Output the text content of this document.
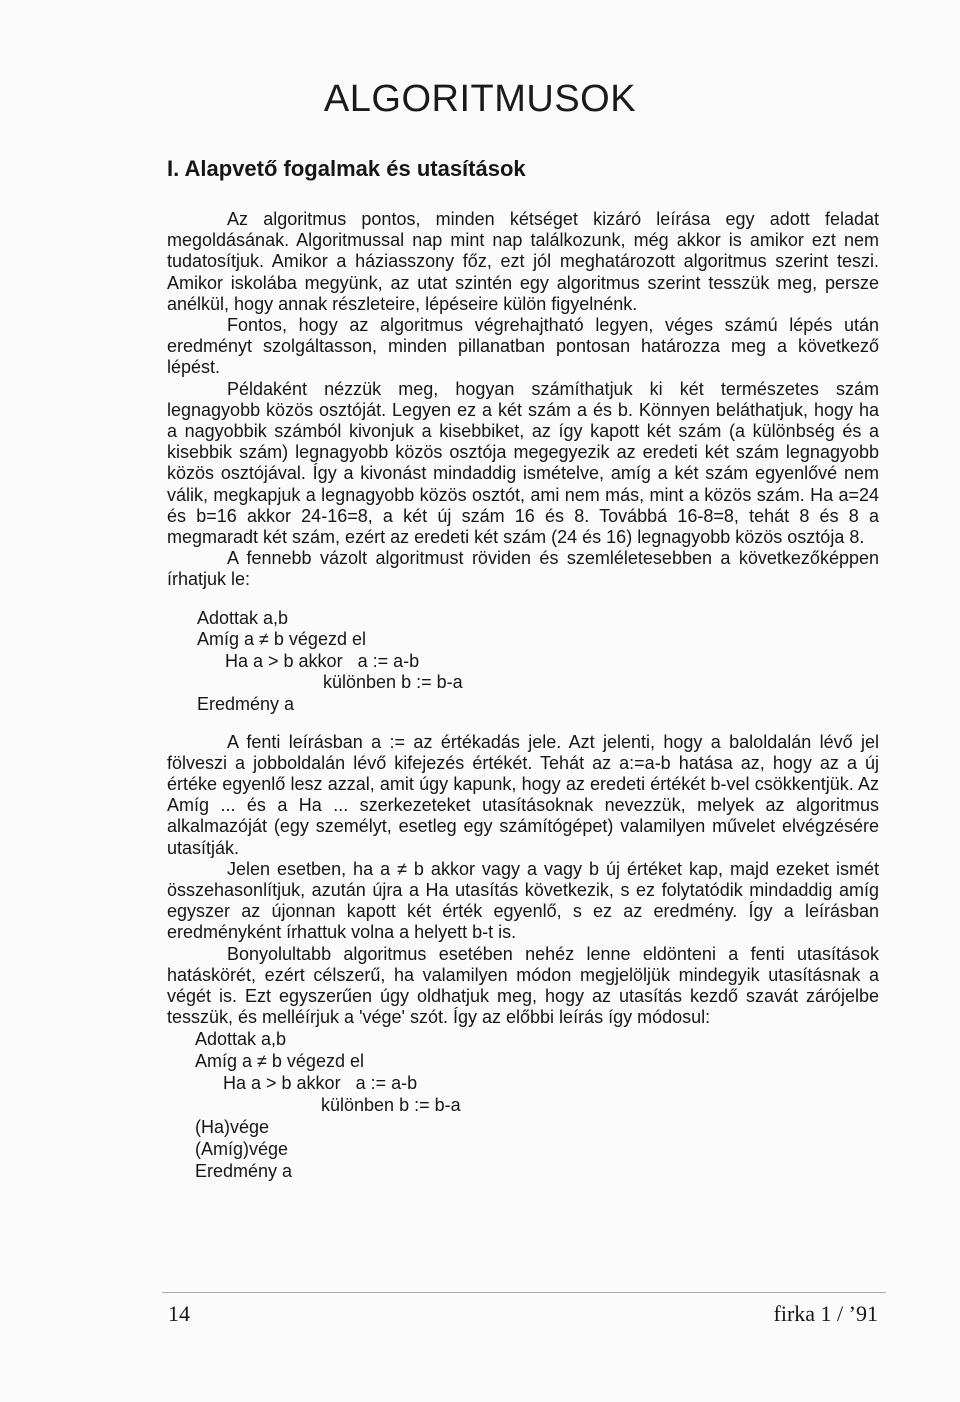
ALGORITMUSOK
I. Alapvető fogalmak és utasítások

Az algoritmus pontos, minden kétséget kizáró leírása egy adott feladat megoldásának. Algoritmussal nap mint nap találkozunk, még akkor is amikor ezt nem tudatosítjuk. Amikor a háziasszony főz, ezt jól meghatározott algoritmus szerint teszi. Amikor iskolába megyünk, az utat szintén egy algoritmus szerint tesszük meg, persze anélkül, hogy annak részleteire, lépéseire külön figyelnénk.

Fontos, hogy az algoritmus végrehajtható legyen, véges számú lépés után eredményt szolgáltasson, minden pillanatban pontosan határozza meg a következő lépést.

Példaként nézzük meg, hogyan számíthatjuk ki két természetes szám legnagyobb közös osztóját. Legyen ez a két szám a és b. Könnyen beláthatjuk, hogy ha a nagyobbik számból kivonjuk a kisebbiket, az így kapott két szám (a különbség és a kisebbik szám) legnagyobb közös osztója megegyezik az eredeti két szám legnagyobb közös osztójával. Így a kivonást mindaddig ismételve, amíg a két szám egyenlővé nem válik, megkapjuk a legnagyobb közös osztót, ami nem más, mint a közös szám. Ha a=24 és b=16 akkor 24-16=8, a két új szám 16 és 8. Továbbá 16-8=8, tehát 8 és 8 a megmaradt két szám, ezért az eredeti két szám (24 és 16) legnagyobb közös osztója 8.

A fennebb vázolt algoritmust röviden és szemléletesebben a következőképpen írhatjuk le:

Adottak a,b
Amíg a ≠ b végezd el
Ha a > b akkor   a := a-b
különben b := b-a
Eredmény a

A fenti leírásban a := az értékadás jele. Azt jelenti, hogy a baloldalán lévő jel fölveszi a jobboldalán lévő kifejezés értékét. Tehát az a:=a-b hatása az, hogy az a új értéke egyenlő lesz azzal, amit úgy kapunk, hogy az eredeti értékét b-vel csökkentjük. Az Amíg ... és a Ha ... szerkezeteket utasításoknak nevezzük, melyek az algoritmus alkalmazóját (egy személyt, esetleg egy számítógépet) valamilyen művelet elvégzésére utasítják.

Jelen esetben, ha a ≠ b akkor vagy a vagy b új értéket kap, majd ezeket ismét összehasonlítjuk, azután újra a Ha utasítás következik, s ez folytatódik mindaddig amíg egyszer az újonnan kapott két érték egyenlő, s ez az eredmény. Így a leírásban eredményként írhattuk volna a helyett b-t is.

Bonyolultabb algoritmus esetében nehéz lenne eldönteni a fenti utasítások hatáskörét, ezért célszerű, ha valamilyen módon megjelöljük mindegyik utasításnak a végét is. Ezt egyszerűen úgy oldhatjuk meg, hogy az utasítás kezdő szavát zárójelbe tesszük, és melléírjuk a 'vége' szót. Így az előbbi leírás így módosul:

Adottak a,b
Amíg a ≠ b végezd el
Ha a > b akkor   a := a-b
különben b := b-a
(Ha)vége
(Amíg)vége
Eredmény a
14	firka 1 / ’91
